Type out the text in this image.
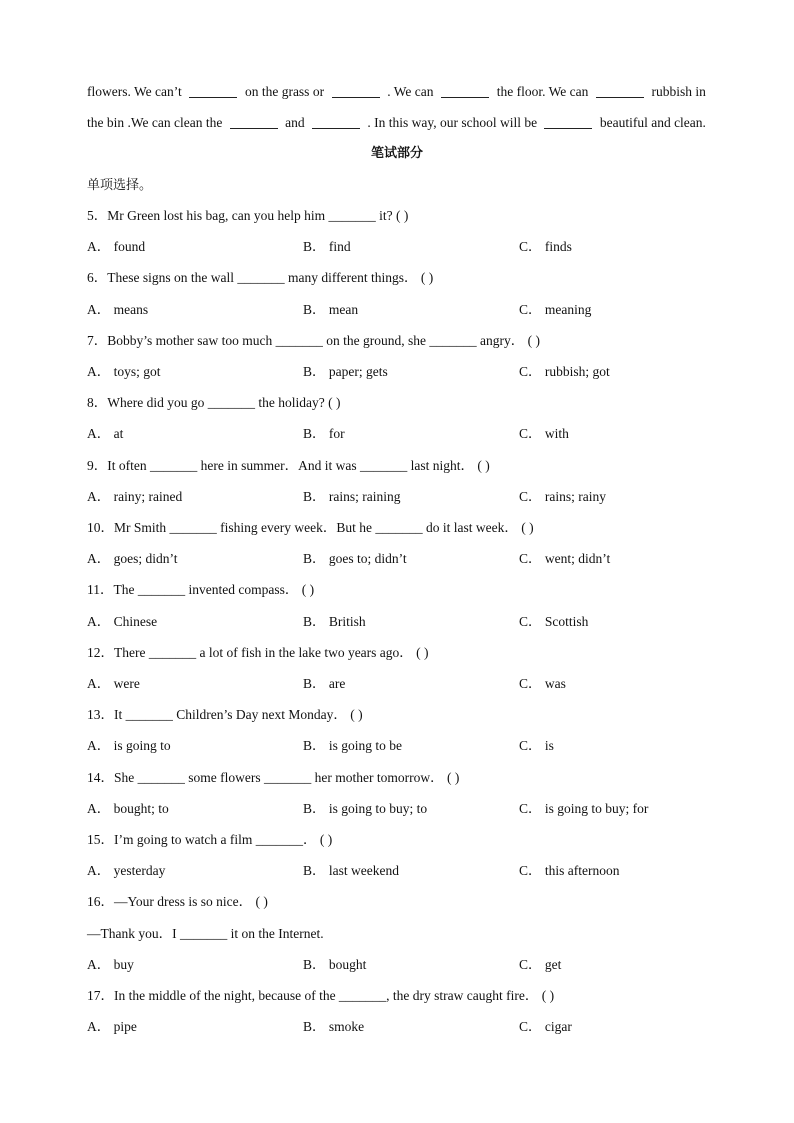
flowers. We can’t	on the grass or	. We can	the floor. We can	rubbish in
the bin .We can clean the	and	. In this way, our school will be	beautiful and clean.
笔试部分
单项选择。
5．Mr Green lost his bag, can you help him _______ it? ( )
A． found	B． find	C． finds
6．These signs on the wall _______ many different things． ( )
A． means	B． mean	C． meaning
7．Bobby’s mother saw too much _______ on the ground, she _______ angry． ( )
A． toys; got	B． paper; gets	C． rubbish; got
8．Where did you go _______ the holiday? ( )
A． at	B． for	C． with
9．It often _______ here in summer．And it was _______ last night． ( )
A． rainy; rained	B． rains; raining	C． rains; rainy
10．Mr Smith _______ fishing every week．But he _______ do it last week． ( )
A． goes; didn’t	B． goes to; didn’t	C． went; didn’t
11．The _______ invented compass． ( )
A． Chinese	B． British	C． Scottish
12．There _______ a lot of fish in the lake two years ago． ( )
A． were	B． are	C． was
13．It _______ Children’s Day next Monday． ( )
A． is going to	B． is going to be	C． is
14．She _______ some flowers _______ her mother tomorrow． ( )
A． bought; to	B． is going to buy; to	C． is going to buy; for
15．I’m going to watch a film _______． ( )
A． yesterday	B． last weekend	C． this afternoon
16．—Your dress is so nice． ( )
—Thank you．I _______ it on the Internet.
A． buy	B． bought	C． get
17．In the middle of the night, because of the _______, the dry straw caught fire． ( )
A． pipe	B． smoke	C． cigar
